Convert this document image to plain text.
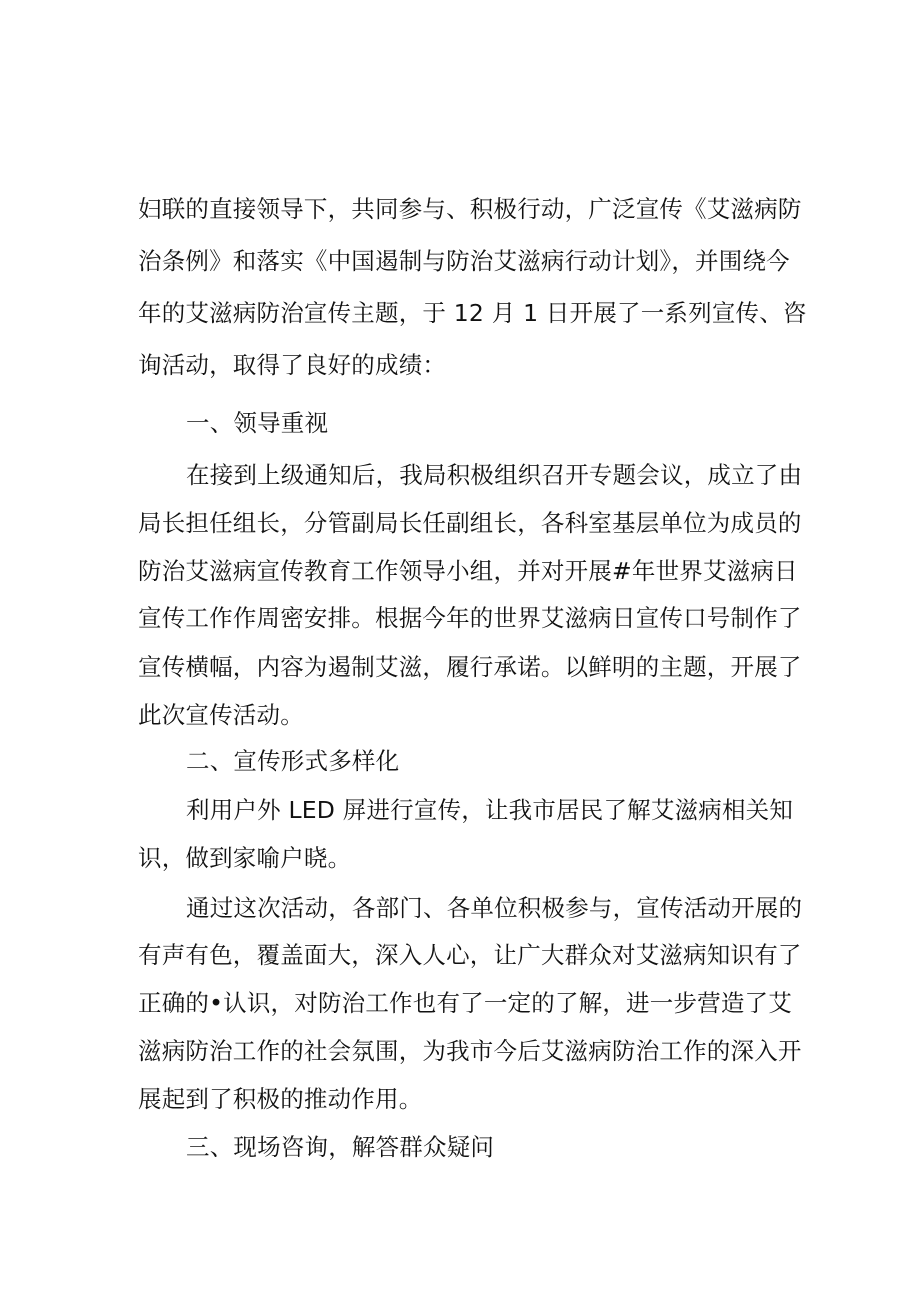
妇联的直接领导下，共同参与、积极行动，广泛宣传《艾滋病防
治条例》和落实《中国遏制与防治艾滋病行动计划》，并围绕今
年的艾滋病防治宣传主题，于 12 月 1 日开展了一系列宣传、咨
询活动，取得了良好的成绩：
一、领导重视
在接到上级通知后，我局积极组织召开专题会议，成立了由
局长担任组长，分管副局长任副组长，各科室基层单位为成员的
防治艾滋病宣传教育工作领导小组，并对开展#年世界艾滋病日
宣传工作作周密安排。根据今年的世界艾滋病日宣传口号制作了
宣传横幅，内容为遏制艾滋，履行承诺。以鲜明的主题，开展了
此次宣传活动。
二、宣传形式多样化
利用户外 LED 屏进行宣传，让我市居民了解艾滋病相关知
识，做到家喻户晓。
通过这次活动，各部门、各单位积极参与，宣传活动开展的
有声有色，覆盖面大，深入人心，让广大群众对艾滋病知识有了
正确的•认识，对防治工作也有了一定的了解，进一步营造了艾
滋病防治工作的社会氛围，为我市今后艾滋病防治工作的深入开
展起到了积极的推动作用。
三、现场咨询，解答群众疑问
